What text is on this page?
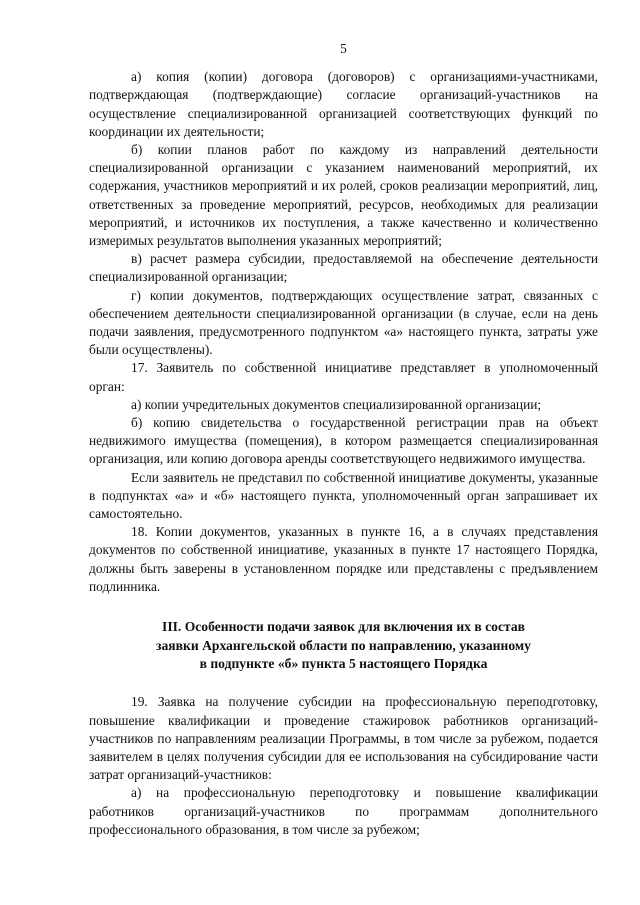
5

а) копия (копии) договора (договоров) с организациями-участниками, подтверждающая (подтверждающие) согласие организаций-участников на осуществление специализированной организацией соответствующих функций по координации их деятельности;

б) копии планов работ по каждому из направлений деятельности специализированной организации с указанием наименований мероприятий, их содержания, участников мероприятий и их ролей, сроков реализации мероприятий, лиц, ответственных за проведение мероприятий, ресурсов, необходимых для реализации мероприятий, и источников их поступления, а также качественно и количественно измеримых результатов выполнения указанных мероприятий;

в) расчет размера субсидии, предоставляемой на обеспечение деятельности специализированной организации;

г) копии документов, подтверждающих осуществление затрат, связанных с обеспечением деятельности специализированной организации (в случае, если на день подачи заявления, предусмотренного подпунктом «а» настоящего пункта, затраты уже были осуществлены).

17. Заявитель по собственной инициативе представляет в уполномоченный орган:

а) копии учредительных документов специализированной организации;

б) копию свидетельства о государственной регистрации прав на объект недвижимого имущества (помещения), в котором размещается специализированная организация, или копию договора аренды соответствующего недвижимого имущества.

Если заявитель не представил по собственной инициативе документы, указанные в подпунктах «а» и «б» настоящего пункта, уполномоченный орган запрашивает их самостоятельно.

18. Копии документов, указанных в пункте 16, а в случаях представления документов по собственной инициативе, указанных в пункте 17 настоящего Порядка, должны быть заверены в установленном порядке или представлены с предъявлением подлинника.

III. Особенности подачи заявок для включения их в состав
заявки Архангельской области по направлению, указанному
в подпункте «б» пункта 5 настоящего Порядка

19. Заявка на получение субсидии на профессиональную переподготовку, повышение квалификации и проведение стажировок работников организаций-участников по направлениям реализации Программы, в том числе за рубежом, подается заявителем в целях получения субсидии для ее использования на субсидирование части затрат организаций-участников:

а) на профессиональную переподготовку и повышение квалификации работников организаций-участников по программам дополнительного профессионального образования, в том числе за рубежом;
